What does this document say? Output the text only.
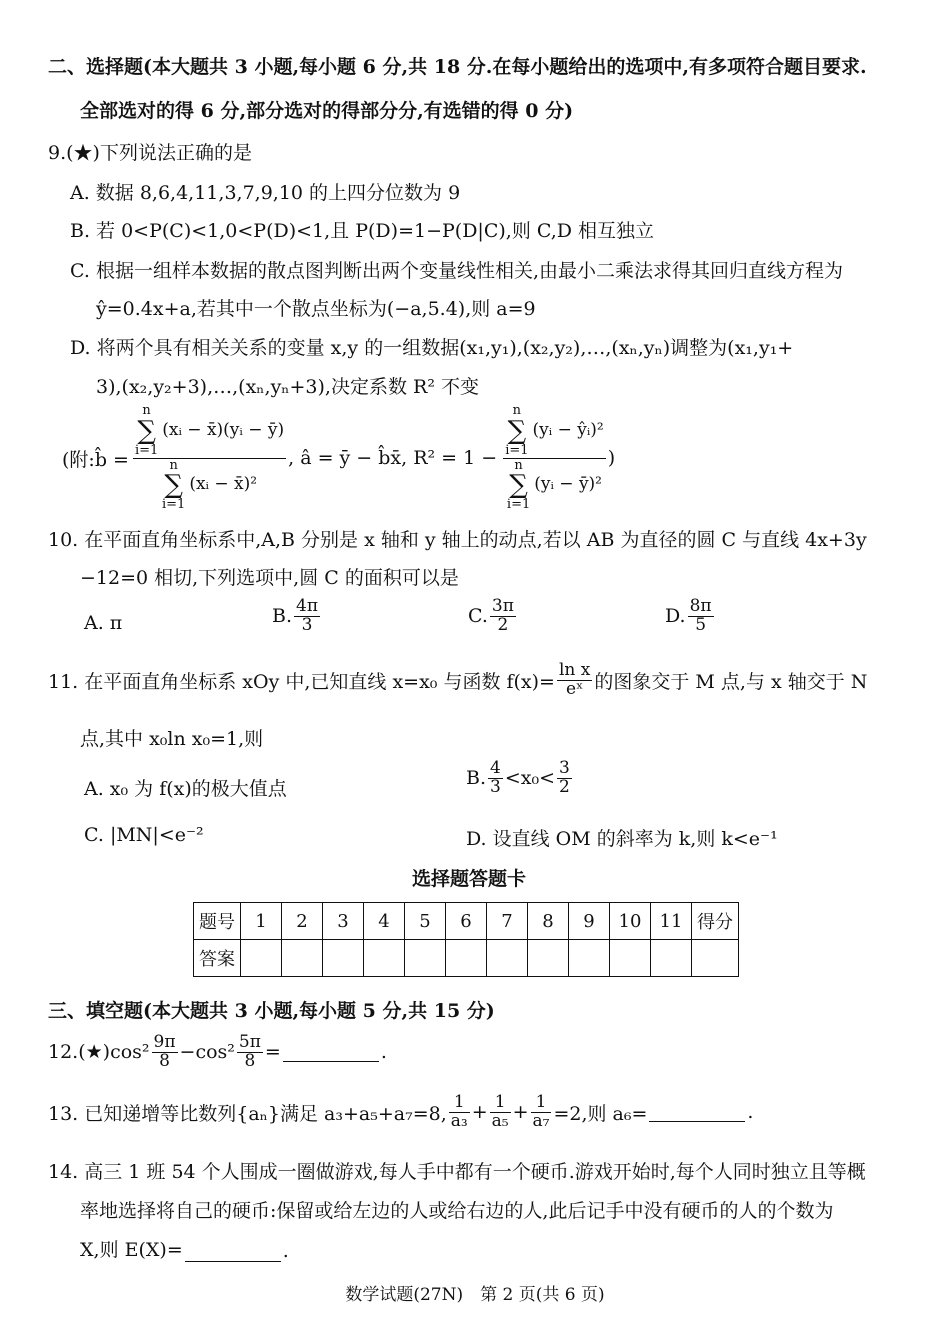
二、选择题(本大题共 3 小题,每小题 6 分,共 18 分.在每小题给出的选项中,有多项符合题目要求.
全部选对的得 6 分,部分选对的得部分分,有选错的得 0 分)
9.(★)下列说法正确的是
A. 数据 8,6,4,11,3,7,9,10 的上四分位数为 9
B. 若 0<P(C)<1,0<P(D)<1,且 P(D)=1−P(D|C),则 C,D 相互独立
C. 根据一组样本数据的散点图判断出两个变量线性相关,由最小二乘法求得其回归直线方程为
ŷ=0.4x+a,若其中一个散点坐标为(−a,5.4),则 a=9
D. 将两个具有相关关系的变量 x,y 的一组数据(x₁,y₁),(x₂,y₂),…,(xₙ,yₙ)调整为(x₁,y₁+
3),(x₂,y₂+3),…,(xₙ,yₙ+3),决定系数 R² 不变
(附:b̂ = n
∑
i=1
(xᵢ − x̄)(yᵢ − ȳ)
n
∑
i=1
(xᵢ − x̄)² , â = ȳ − b̂x̄, R² = 1 − n
∑
i=1
(yᵢ − ŷᵢ)²
n
∑
i=1
(yᵢ − ȳ)² )
10. 在平面直角坐标系中,A,B 分别是 x 轴和 y 轴上的动点,若以 AB 为直径的圆 C 与直线 4x+3y
−12=0 相切,下列选项中,圆 C 的面积可以是
A. π	B. $\frac{4\pi}{3}$	C. $\frac{3\pi}{2}$	D. $\frac{8\pi}{5}$
11. 在平面直角坐标系 xOy 中,已知直线 x=x₀ 与函数 $f(x)= \frac{\text{ln x}}{\text{eˣ}}$ 的图象交于 M 点,与 x 轴交于 N
点,其中 x₀ln x₀=1,则
A. x₀ 为 f(x)的极大值点	B. $\frac{4}{3} <x_0< \frac{3}{2}$
C. |MN|<e⁻²	D. 设直线 OM 的斜率为 k,则 k<e⁻¹
选择题答题卡
题号	1	2	3	4	5	6	7	8	9	10	11	得分
答案												
三、填空题(本大题共 3 小题,每小题 5 分,共 15 分)
12.(★)cos² $\frac{9\pi}{8} -\cos^2 \frac{5\pi}{8}$ =	.
13. 已知递增等比数列{aₙ}满足 a₃+a₅+a₇=8, $\frac{1}{\text{a₃}} + \frac{1}{\text{a₅}} + \frac{1}{\text{a₇}} =2$,则 a₆=	.
14. 高三 1 班 54 个人围成一圈做游戏,每人手中都有一个硬币.游戏开始时,每个人同时独立且等概
率地选择将自己的硬币:保留或给左边的人或给右边的人,此后记手中没有硬币的人的个数为
X,则 E(X)=	.
数学试题(27N)　第 2 页(共 6 页)
